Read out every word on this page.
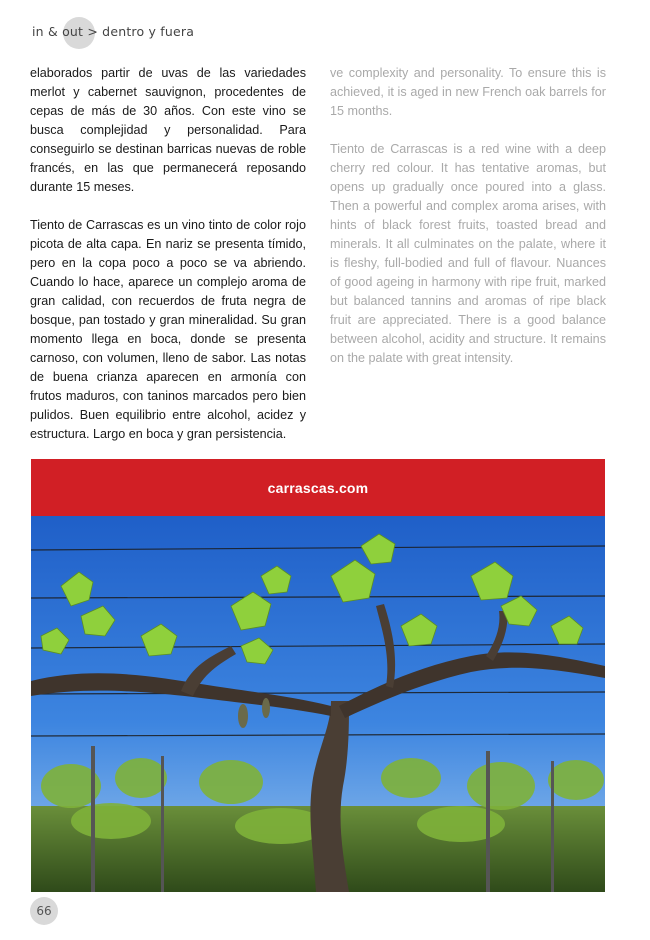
in & out > dentro y fuera

elaborados partir de uvas de las variedades merlot y cabernet sauvignon, procedentes de cepas de más de 30 años. Con este vino se busca complejidad y personalidad. Para conseguirlo se destinan barricas nuevas de roble francés, en las que permanecerá reposando durante 15 meses.

Tiento de Carrascas es un vino tinto de color rojo picota de alta capa. En nariz se presenta tímido, pero en la copa poco a poco se va abriendo. Cuando lo hace, aparece un complejo aroma de gran calidad, con recuerdos de fruta negra de bosque, pan tostado y gran mineralidad. Su gran momento llega en boca, donde se presenta carnoso, con volumen, lleno de sabor. Las notas de buena crianza aparecen en armonía con frutos maduros, con taninos marcados pero bien pulidos. Buen equilibrio entre alcohol, acidez y estructura. Largo en boca y gran persistencia.

ve complexity and personality. To ensure this is achieved, it is aged in new French oak barrels for 15 months.

Tiento de Carrascas is a red wine with a deep cherry red colour. It has tentative aromas, but opens up gradually once poured into a glass. Then a powerful and complex aroma arises, with hints of black forest fruits, toasted bread and minerals. It all culminates on the palate, where it is fleshy, full-bodied and full of flavour. Nuances of good ageing in harmony with ripe fruit, marked but balanced tannins and aromas of ripe black fruit are appreciated. There is a good balance between alcohol, acidity and structure. It remains on the palate with great intensity.

carrascas.com
66
